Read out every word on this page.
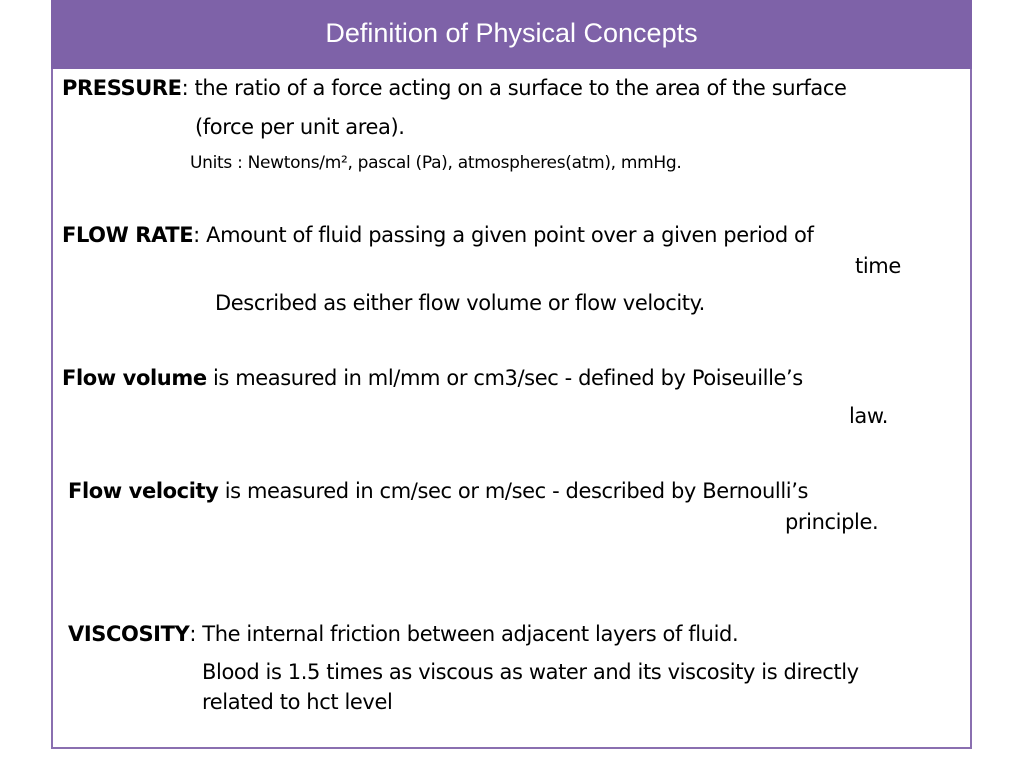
Definition of Physical Concepts

PRESSURE: the ratio of a force acting on a surface to the area of the surface

(force per unit area).

Units : Newtons/m², pascal (Pa), atmospheres(atm), mmHg.

FLOW RATE: Amount of fluid passing a given point over a given period of

time

Described as either flow volume or flow velocity.

Flow volume is measured in ml/mm or cm3/sec - defined by Poiseuille’s

law.

Flow velocity is measured in cm/sec or m/sec - described by Bernoulli’s

principle.

VISCOSITY: The internal friction between adjacent layers of fluid.

Blood is 1.5 times as viscous as water and its viscosity is directly

related to hct level
